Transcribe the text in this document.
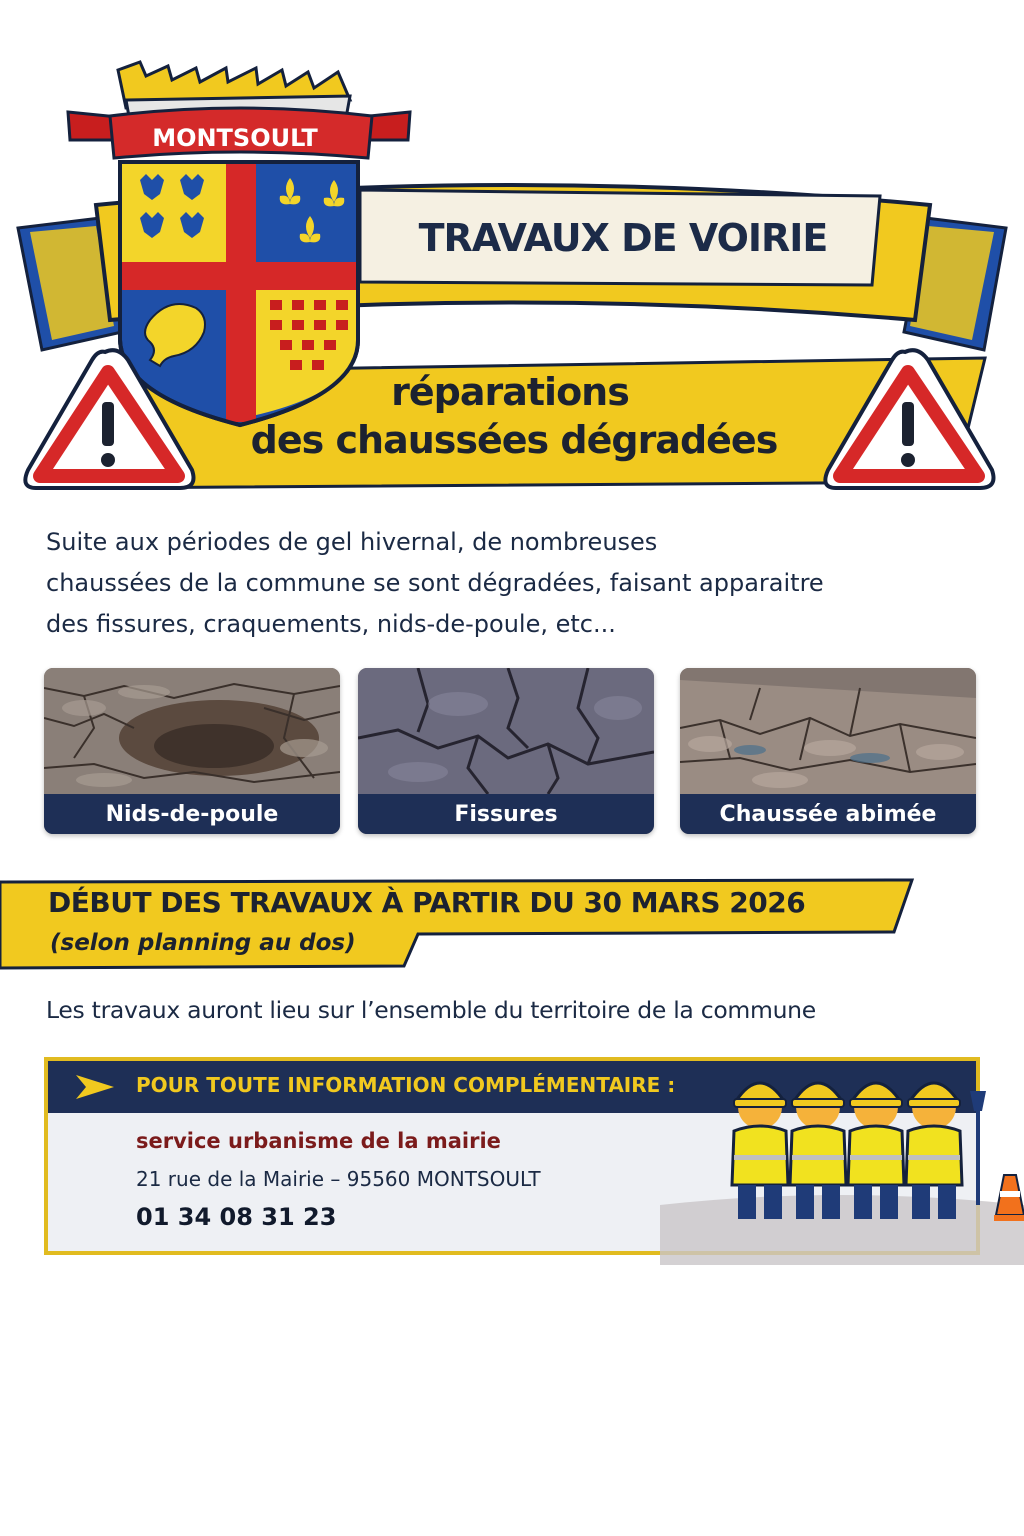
MONTSOULT
TRAVAUX DE VOIRIE
réparations
des chaussées dégradées
Suite aux périodes de gel hivernal, de nombreuses
chaussées de la commune se sont dégradées, faisant apparaitre
des fissures, craquements, nids-de-poule, etc...
Nids-de-poule	Fissures	Chaussée abimée
DÉBUT DES TRAVAUX À PARTIR DU 30 MARS 2026
(selon planning au dos)
Les travaux auront lieu sur l’ensemble du territoire de la commune
POUR TOUTE INFORMATION COMPLÉMENTAIRE :
service urbanisme de la mairie
21 rue de la Mairie – 95560 MONTSOULT
01 34 08 31 23
